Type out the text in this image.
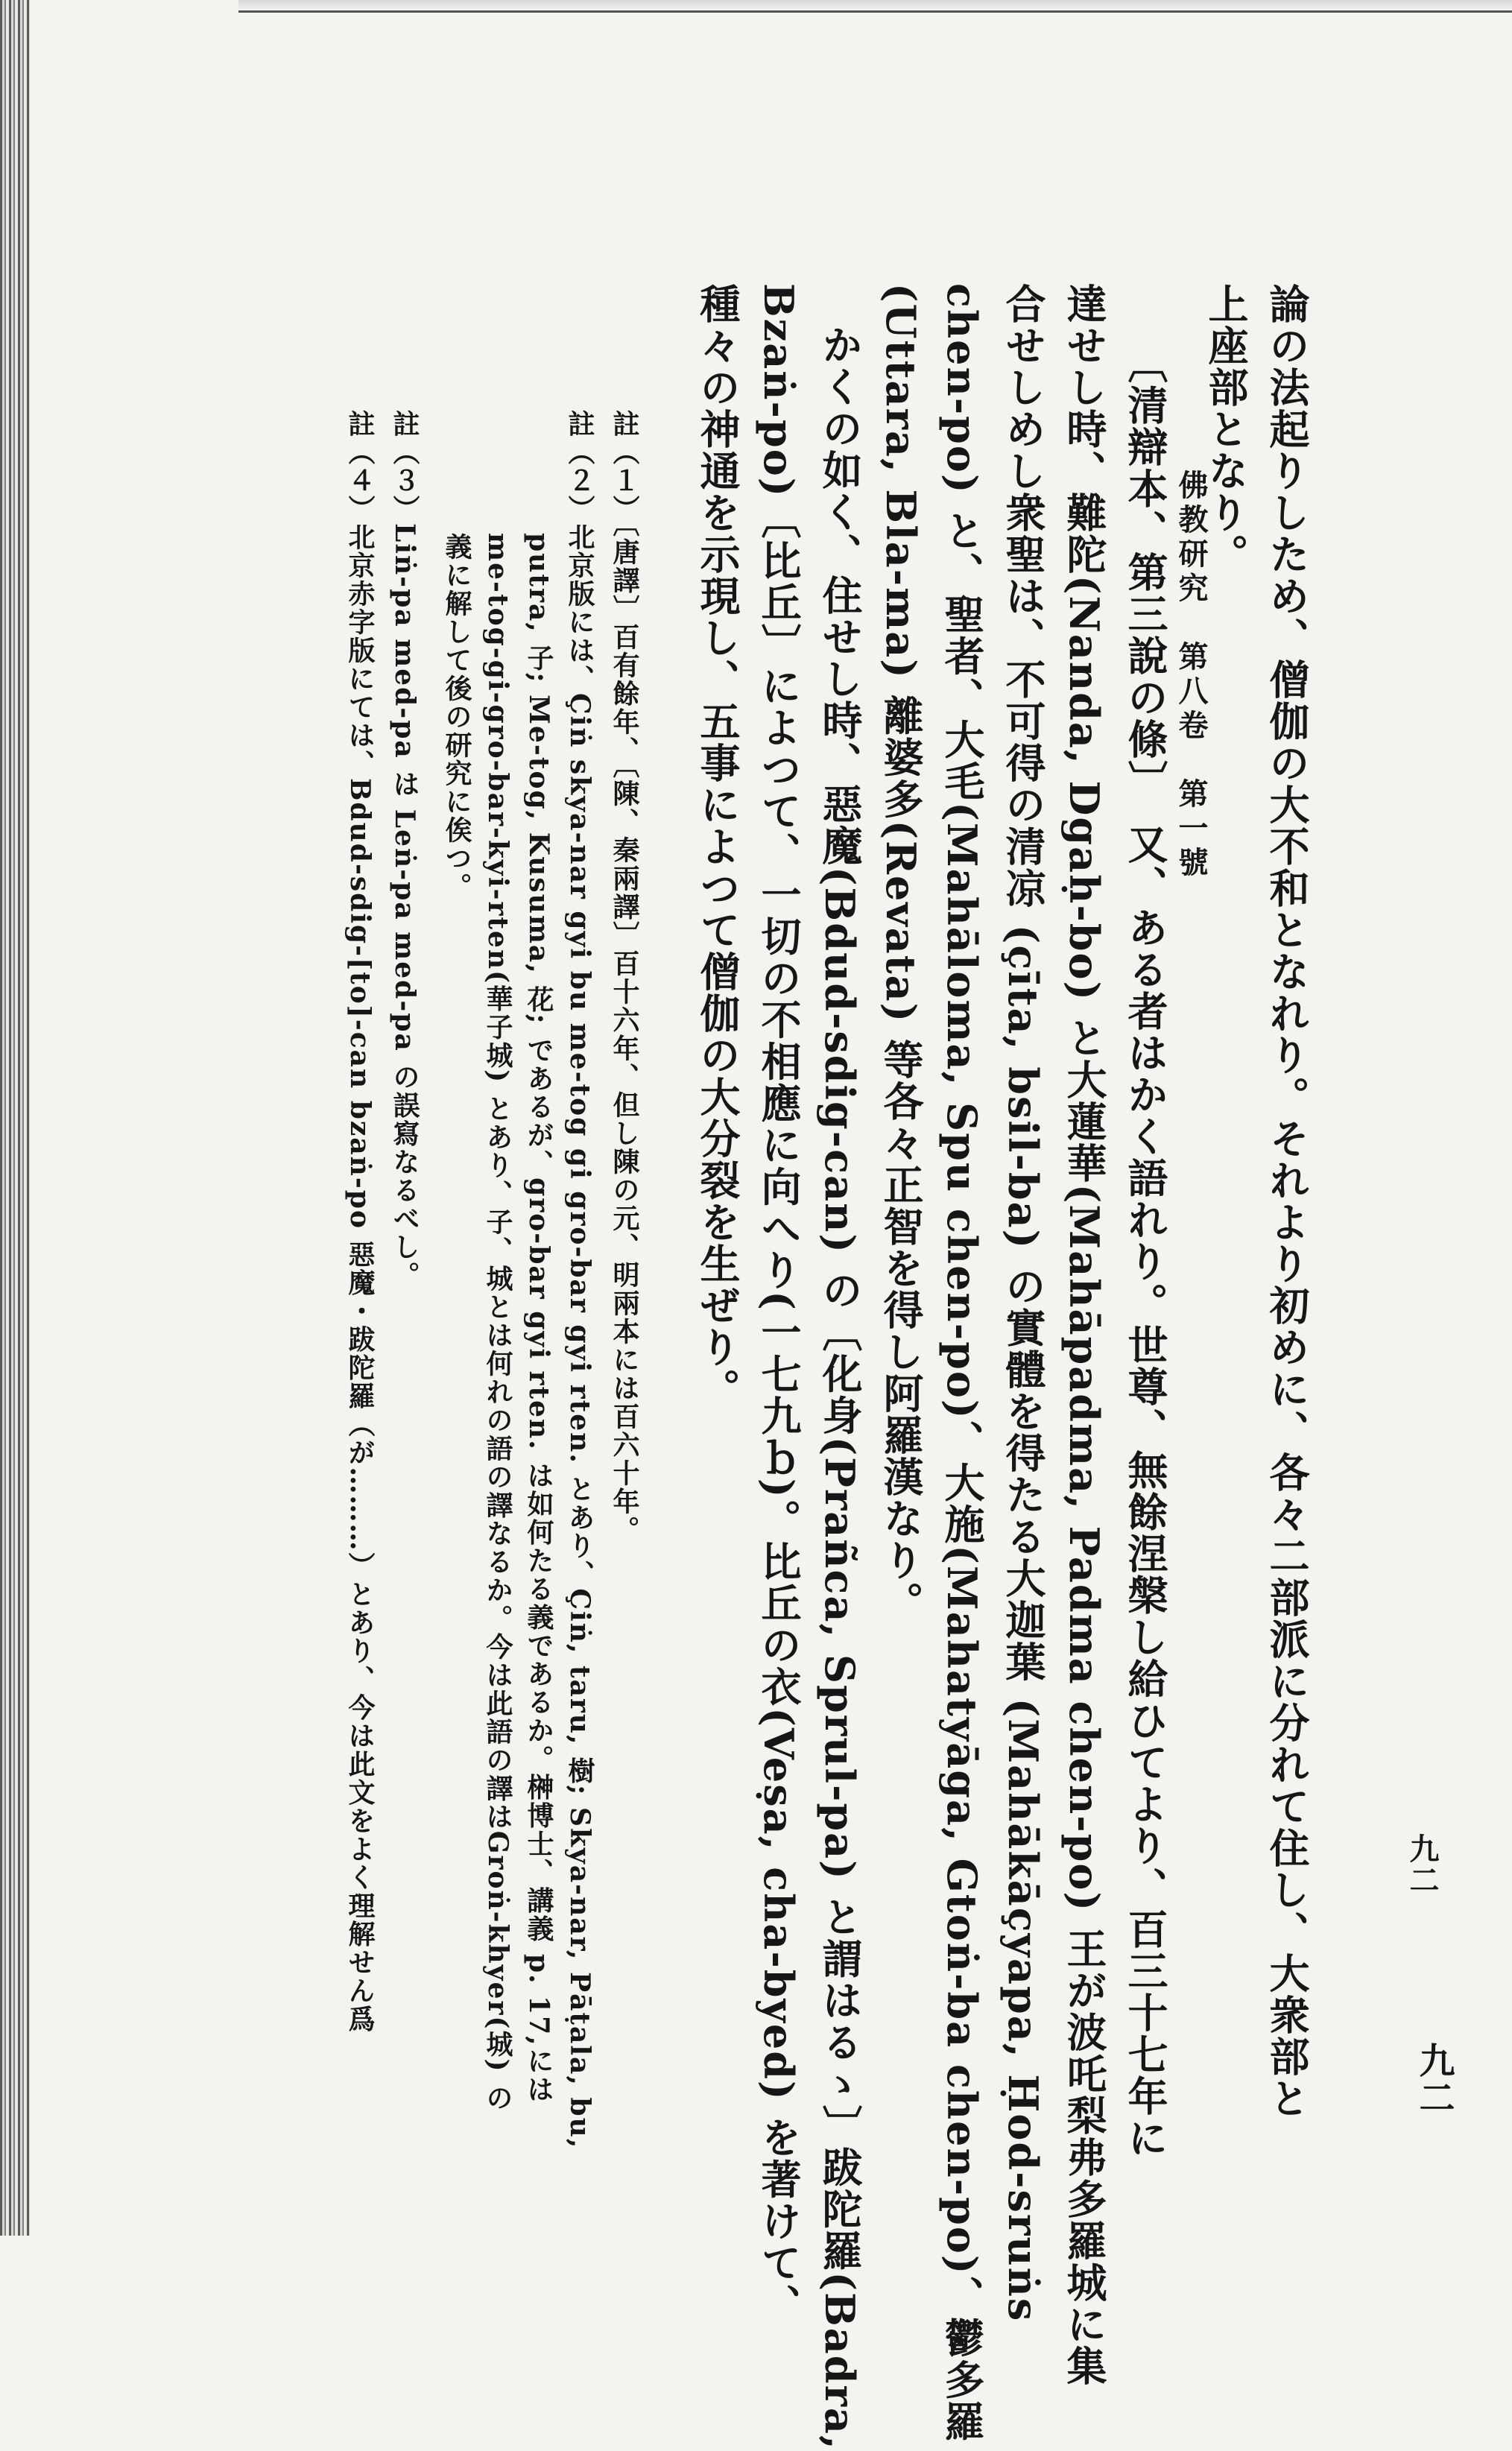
佛教研究　第八卷　第一號
九二
九二
論の法起りしため、僧伽の大不和となれり。それより初めに、各々二部派に分れて住し、大衆部と
上座部となり。
〔清辯本、第三說の條〕　又、ある者はかく語れり。世尊、無餘涅槃し給ひてより、百三十七年に
達せし時、難陀(Nanda, Dgaḥ-bo) と大蓮華(Mahāpadma, Padma chen-po) 王が波吒梨弗多羅城に集
合せしめし衆聖は、不可得の清凉 (çīta, bsil-ba) の實體を得たる大迦葉 (Mahākāçyapa, Ḥod-sruṅs
chen-po) と、聖者、大毛(Mahāloma, Spu chen-po)、大施(Mahatyāga, Gtoṅ-ba chen-po)、鬱多羅
(Uttara, Bla-ma) 離婆多(Revata) 等各々正智を得し阿羅漢なり。
かくの如く、住せし時、惡魔(Bdud-sdig-can) の〔化身(Prañca, Sprul-pa) と謂はるゝ〕跋陀羅(Badra,
Bzaṅ-po)〔比丘〕によつて、一切の不相應に向へり(一七九ｂ)。比丘の衣(Veṣa, cha-byed) を著けて、
種々の神通を示現し、五事によつて僧伽の大分裂を生ぜり。
註（１）〔唐譯〕百有餘年、〔陳、秦兩譯〕百十六年、但し陳の元、明兩本には百六十年。
註（２）北京版には、Çiṅ skya-nar gyi bu me-tog gi gro-bar gyi rten. とあり、Çiṅ, taru, 樹; Skya-nar, Pāṭala, bu,
putra, 子; Me-tog, Kusuma, 花; であるが、gro-bar gyi rten. は如何たる義であるか。榊博士、講義 p. 17,には
me-tog-gi-gro-bar-kyi-rten(華子城) とあり、子、城とは何れの語の譯なるか。今は此語の譯はGroṅ-khyer(城) の
義に解して後の研究に俟つ。
註（３）Liṅ-pa med-pa は Leṅ-pa med-pa の誤寫なるべし。
註（４）北京赤字版にては、Bdud-sdig-[to]-can bzaṅ-po 惡魔・跋陀羅（が………）とあり、今は此文をよく理解せん爲
